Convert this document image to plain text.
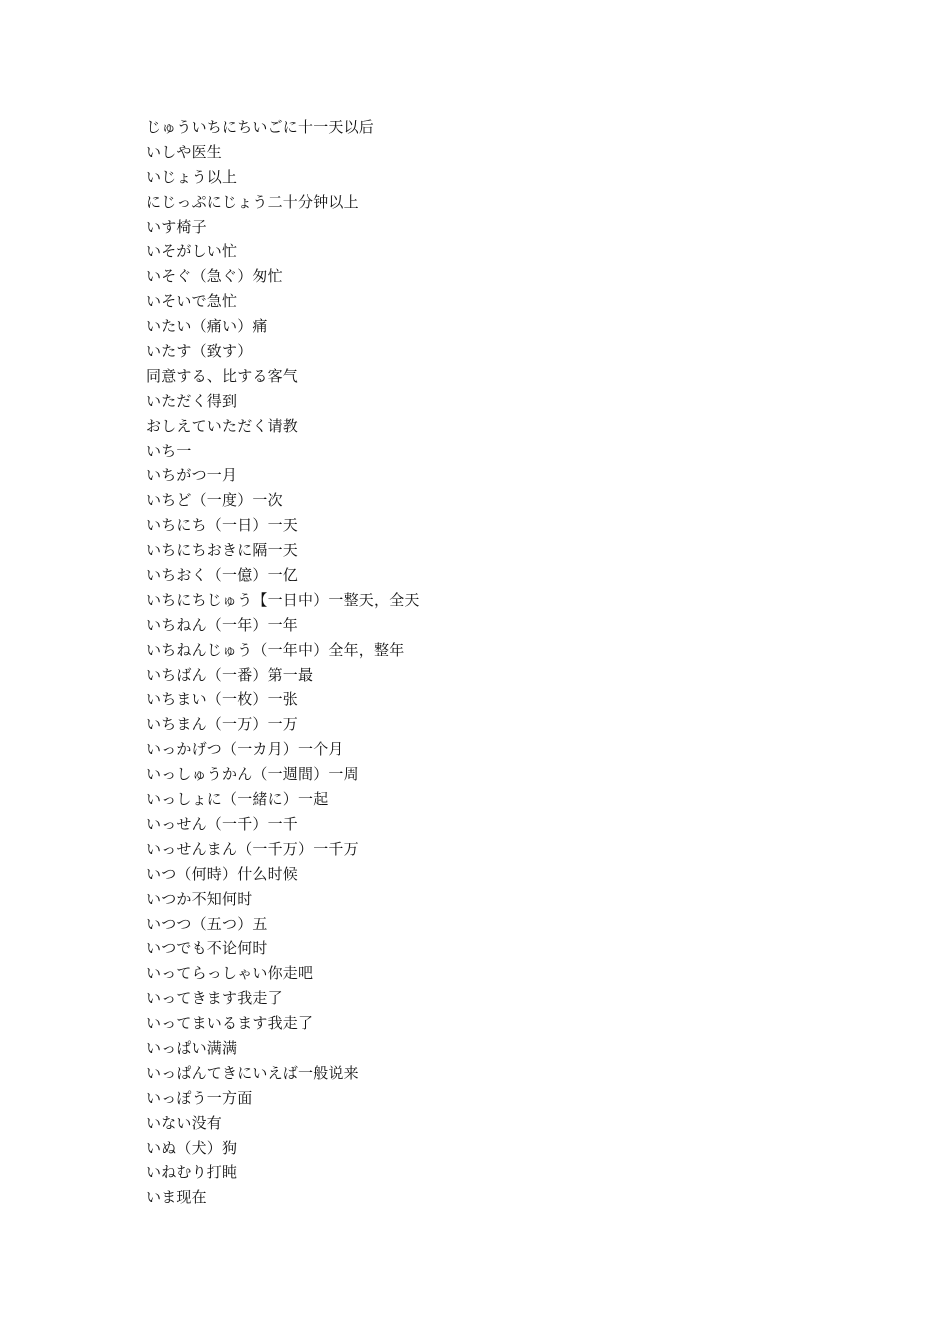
じゅういちにちいごに十一天以后
いしや医生
いじょう以上
にじっぷにじょう二十分钟以上
いす椅子
いそがしい忙
いそぐ（急ぐ）匆忙
いそいで急忙
いたい（痛い）痛
いたす（致す）
同意する、比する客气
いただく得到
おしえていただく请教
いち一
いちがつ一月
いちど（一度）一次
いちにち（一日）一天
いちにちおきに隔一天
いちおく（一億）一亿
いちにちじゅう【一日中）一整天，全天
いちねん（一年）一年
いちねんじゅう（一年中）全年，整年
いちばん（一番）第一最
いちまい（一枚）一张
いちまん（一万）一万
いっかげつ（一カ月）一个月
いっしゅうかん（一週間）一周
いっしょに（一緒に）一起
いっせん（一千）一千
いっせんまん（一千万）一千万
いつ（何時）什么时候
いつか不知何时
いつつ（五つ）五
いつでも不论何时
いってらっしゃい你走吧
いってきます我走了
いってまいるます我走了
いっぱい满满
いっぱんてきにいえば一般说来
いっぽう一方面
いない没有
いぬ（犬）狗
いねむり打盹
いま现在
